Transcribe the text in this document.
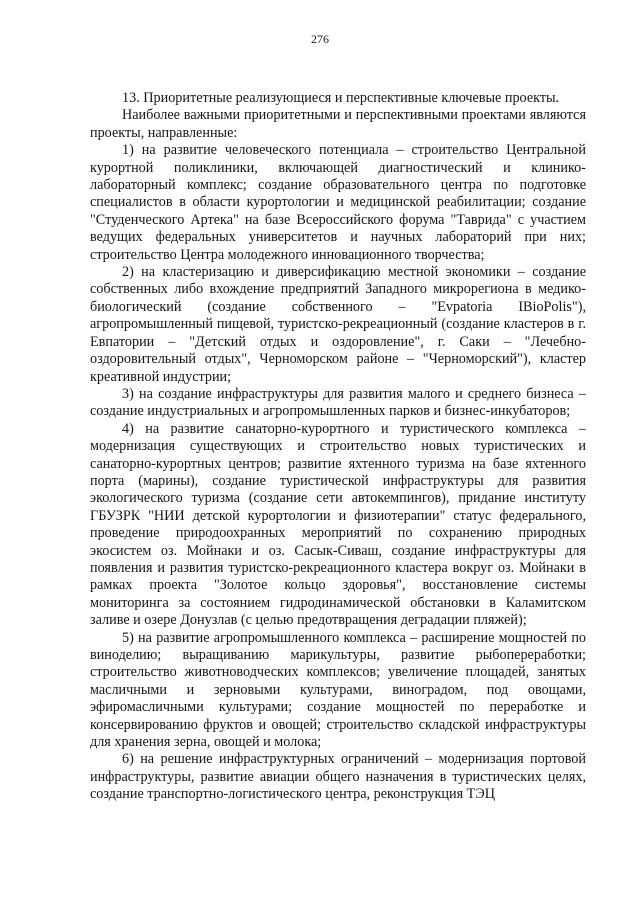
276

13. Приоритетные реализующиеся и перспективные ключевые проекты.

Наиболее важными приоритетными и перспективными проектами являются проекты, направленные:

1) на развитие человеческого потенциала – строительство Центральной курортной поликлиники, включающей диагностический и клинико-лабораторный комплекс; создание образовательного центра по подготовке специалистов в области курортологии и медицинской реабилитации; создание "Студенческого Артека" на базе Всероссийского форума "Таврида" с участием ведущих федеральных университетов и научных лабораторий при них; строительство Центра молодежного инновационного творчества;

2) на кластеризацию и диверсификацию местной экономики – создание собственных либо вхождение предприятий Западного микрорегиона в медико-биологический (создание собственного – "Evpatoria IBioPolis"), агропромышленный пищевой, туристско-рекреационный (создание кластеров в г. Евпатории – "Детский отдых и оздоровление", г. Саки – "Лечебно-оздоровительный отдых", Черноморском районе – "Черноморский"), кластер креативной индустрии;

3) на создание инфраструктуры для развития малого и среднего бизнеса – создание индустриальных и агропромышленных парков и бизнес-инкубаторов;

4) на развитие санаторно-курортного и туристического комплекса – модернизация существующих и строительство новых туристических и санаторно-курортных центров; развитие яхтенного туризма на базе яхтенного порта (марины), создание туристической инфраструктуры для развития экологического туризма (создание сети автокемпингов), придание институту ГБУЗРК "НИИ детской курортологии и физиотерапии" статус федерального, проведение природоохранных мероприятий по сохранению природных экосистем оз. Мойнаки и оз. Сасык-Сиваш, создание инфраструктуры для появления и развития туристско-рекреационного кластера вокруг оз. Мойнаки в рамках проекта "Золотое кольцо здоровья", восстановление системы мониторинга за состоянием гидродинамической обстановки в Каламитском заливе и озере Донузлав (с целью предотвращения деградации пляжей);

5) на развитие агропромышленного комплекса – расширение мощностей по виноделию; выращиванию марикультуры, развитие рыбопереработки; строительство животноводческих комплексов; увеличение площадей, занятых масличными и зерновыми культурами, виноградом, под овощами, эфиромасличными культурами; создание мощностей по переработке и консервированию фруктов и овощей; строительство складской инфраструктуры для хранения зерна, овощей и молока;

6) на решение инфраструктурных ограничений – модернизация портовой инфраструктуры, развитие авиации общего назначения в туристических целях, создание транспортно-логистического центра, реконструкция ТЭЦ
